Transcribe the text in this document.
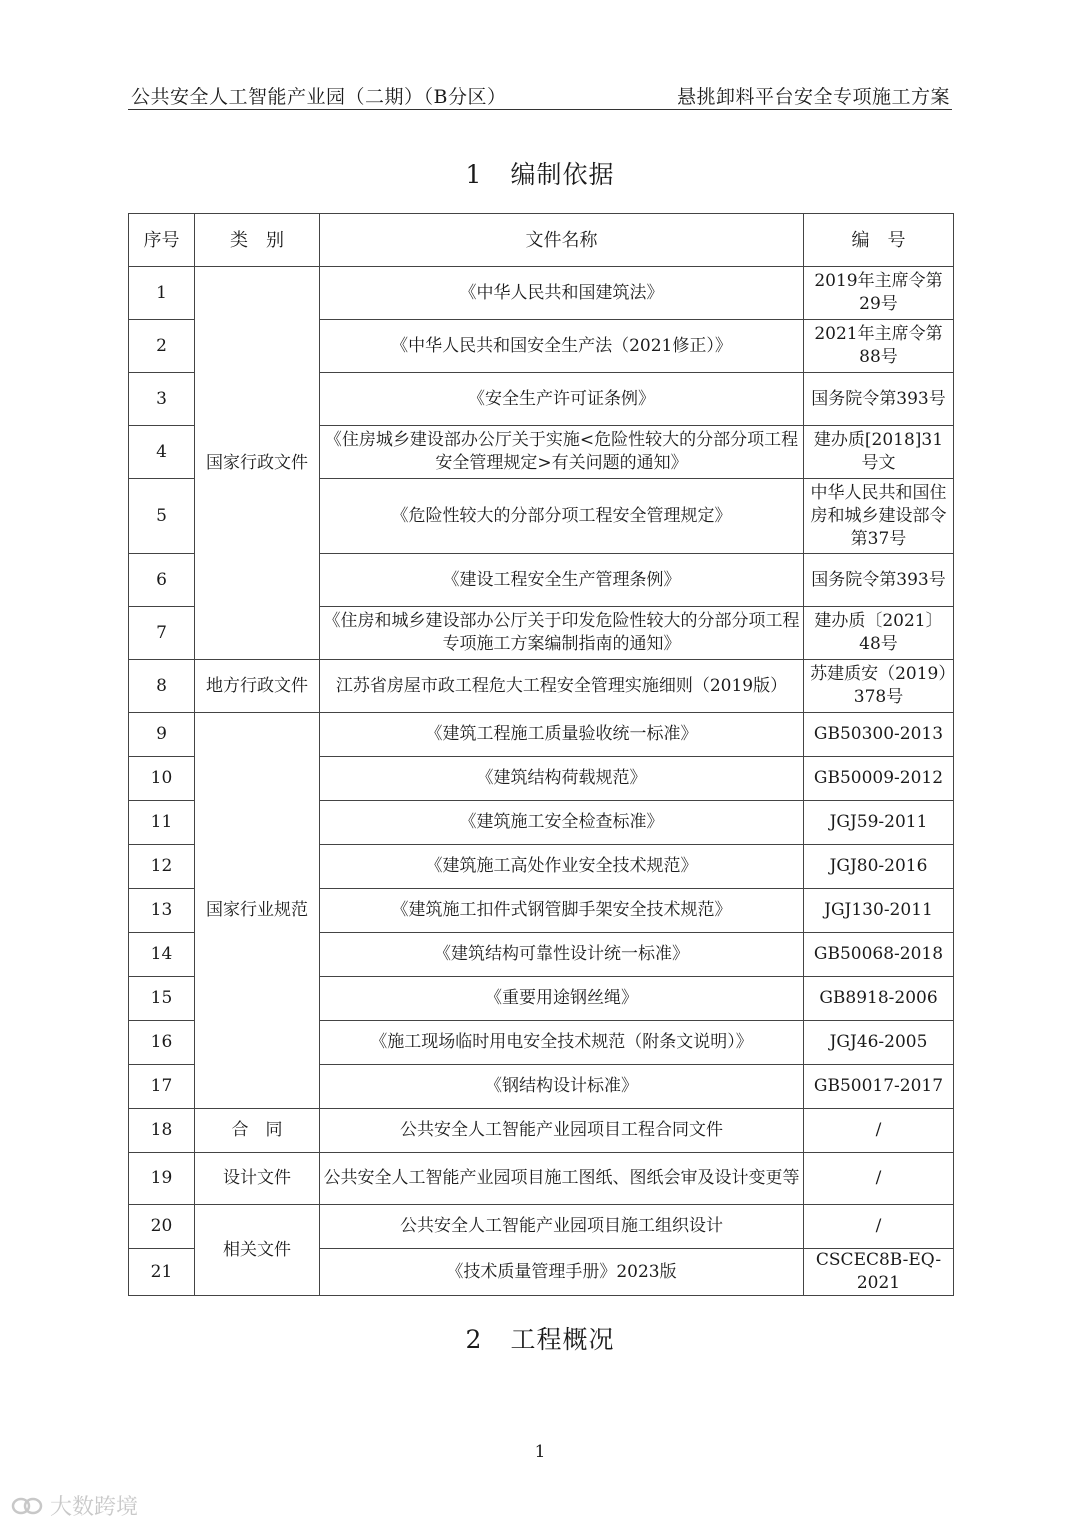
公共安全人工智能产业园（二期）（B分区）	悬挑卸料平台安全专项施工方案
1 编制依据
序号	类　别	文件名称	编　号
1	国家行政文件	《中华人民共和国建筑法》	2019年主席令第29号
2		《中华人民共和国安全生产法（2021修正）》	2021年主席令第88号
3		《安全生产许可证条例》	国务院令第393号
4		《住房城乡建设部办公厅关于实施<危险性较大的分部分项工程安全管理规定>有关问题的通知》	建办质[2018]31号文
5		《危险性较大的分部分项工程安全管理规定》	中华人民共和国住房和城乡建设部令第37号
6		《建设工程安全生产管理条例》	国务院令第393号
7		《住房和城乡建设部办公厅关于印发危险性较大的分部分项工程专项施工方案编制指南的通知》	建办质〔2021〕48号
8	地方行政文件	江苏省房屋市政工程危大工程安全管理实施细则（2019版）	苏建质安（2019）378号
9	国家行业规范	《建筑工程施工质量验收统一标准》	GB50300-2013
10		《建筑结构荷载规范》	GB50009-2012
11		《建筑施工安全检查标准》	JGJ59-2011
12		《建筑施工高处作业安全技术规范》	JGJ80-2016
13		《建筑施工扣件式钢管脚手架安全技术规范》	JGJ130-2011
14		《建筑结构可靠性设计统一标准》	GB50068-2018
15		《重要用途钢丝绳》	GB8918-2006
16		《施工现场临时用电安全技术规范（附条文说明）》	JGJ46-2005
17		《钢结构设计标准》	GB50017-2017
18	合　同	公共安全人工智能产业园项目工程合同文件	/
19	设计文件	公共安全人工智能产业园项目施工图纸、图纸会审及设计变更等	/
20	相关文件	公共安全人工智能产业园项目施工组织设计	/
21		《技术质量管理手册》2023版	CSCEC8B-EQ-2021
2 工程概况
1
大数跨境
